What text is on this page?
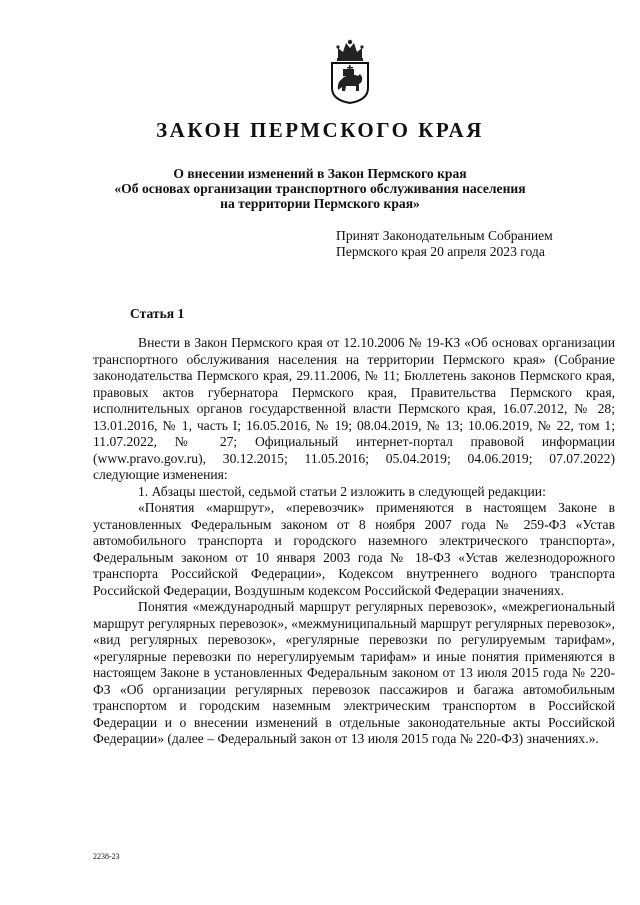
ЗАКОН ПЕРМСКОГО КРАЯ
О внесении изменений в Закон Пермского края
«Об основах организации транспортного обслуживания населения
на территории Пермского края»
Принят Законодательным Собранием
Пермского края 20 апреля 2023 года
Статья 1

Внести в Закон Пермского края от 12.10.2006 № 19-КЗ «Об основах организации транспортного обслуживания населения на территории Пермского края» (Собрание законодательства Пермского края, 29.11.2006, № 11; Бюллетень законов Пермского края, правовых актов губернатора Пермского края, Правительства Пермского края, исполнительных органов государственной власти Пермского края, 16.07.2012, № 28; 13.01.2016, № 1, часть I; 16.05.2016, № 19; 08.04.2019, № 13; 10.06.2019, № 22, том 1; 11.07.2022, № 27; Официальный интернет-портал правовой информации (www.pravo.gov.ru), 30.12.2015; 11.05.2016; 05.04.2019; 04.06.2019; 07.07.2022) следующие изменения:

1. Абзацы шестой, седьмой статьи 2 изложить в следующей редакции:

«Понятия «маршрут», «перевозчик» применяются в настоящем Законе в установленных Федеральным законом от 8 ноября 2007 года № 259-ФЗ «Устав автомобильного транспорта и городского наземного электрического транспорта», Федеральным законом от 10 января 2003 года № 18-ФЗ «Устав железнодорожного транспорта Российской Федерации», Кодексом внутреннего водного транспорта Российской Федерации, Воздушным кодексом Российской Федерации значениях.

Понятия «международный маршрут регулярных перевозок», «межрегиональный маршрут регулярных перевозок», «межмуниципальный маршрут регулярных перевозок», «вид регулярных перевозок», «регулярные перевозки по регулируемым тарифам», «регулярные перевозки по нерегулируемым тарифам» и иные понятия применяются в настоящем Законе в установленных Федеральным законом от 13 июля 2015 года № 220-ФЗ «Об организации регулярных перевозок пассажиров и багажа автомобильным транспортом и городским наземным электрическим транспортом в Российской Федерации и о внесении изменений в отдельные законодательные акты Российской Федерации» (далее – Федеральный закон от 13 июля 2015 года № 220-ФЗ) значениях.».

2238-23
